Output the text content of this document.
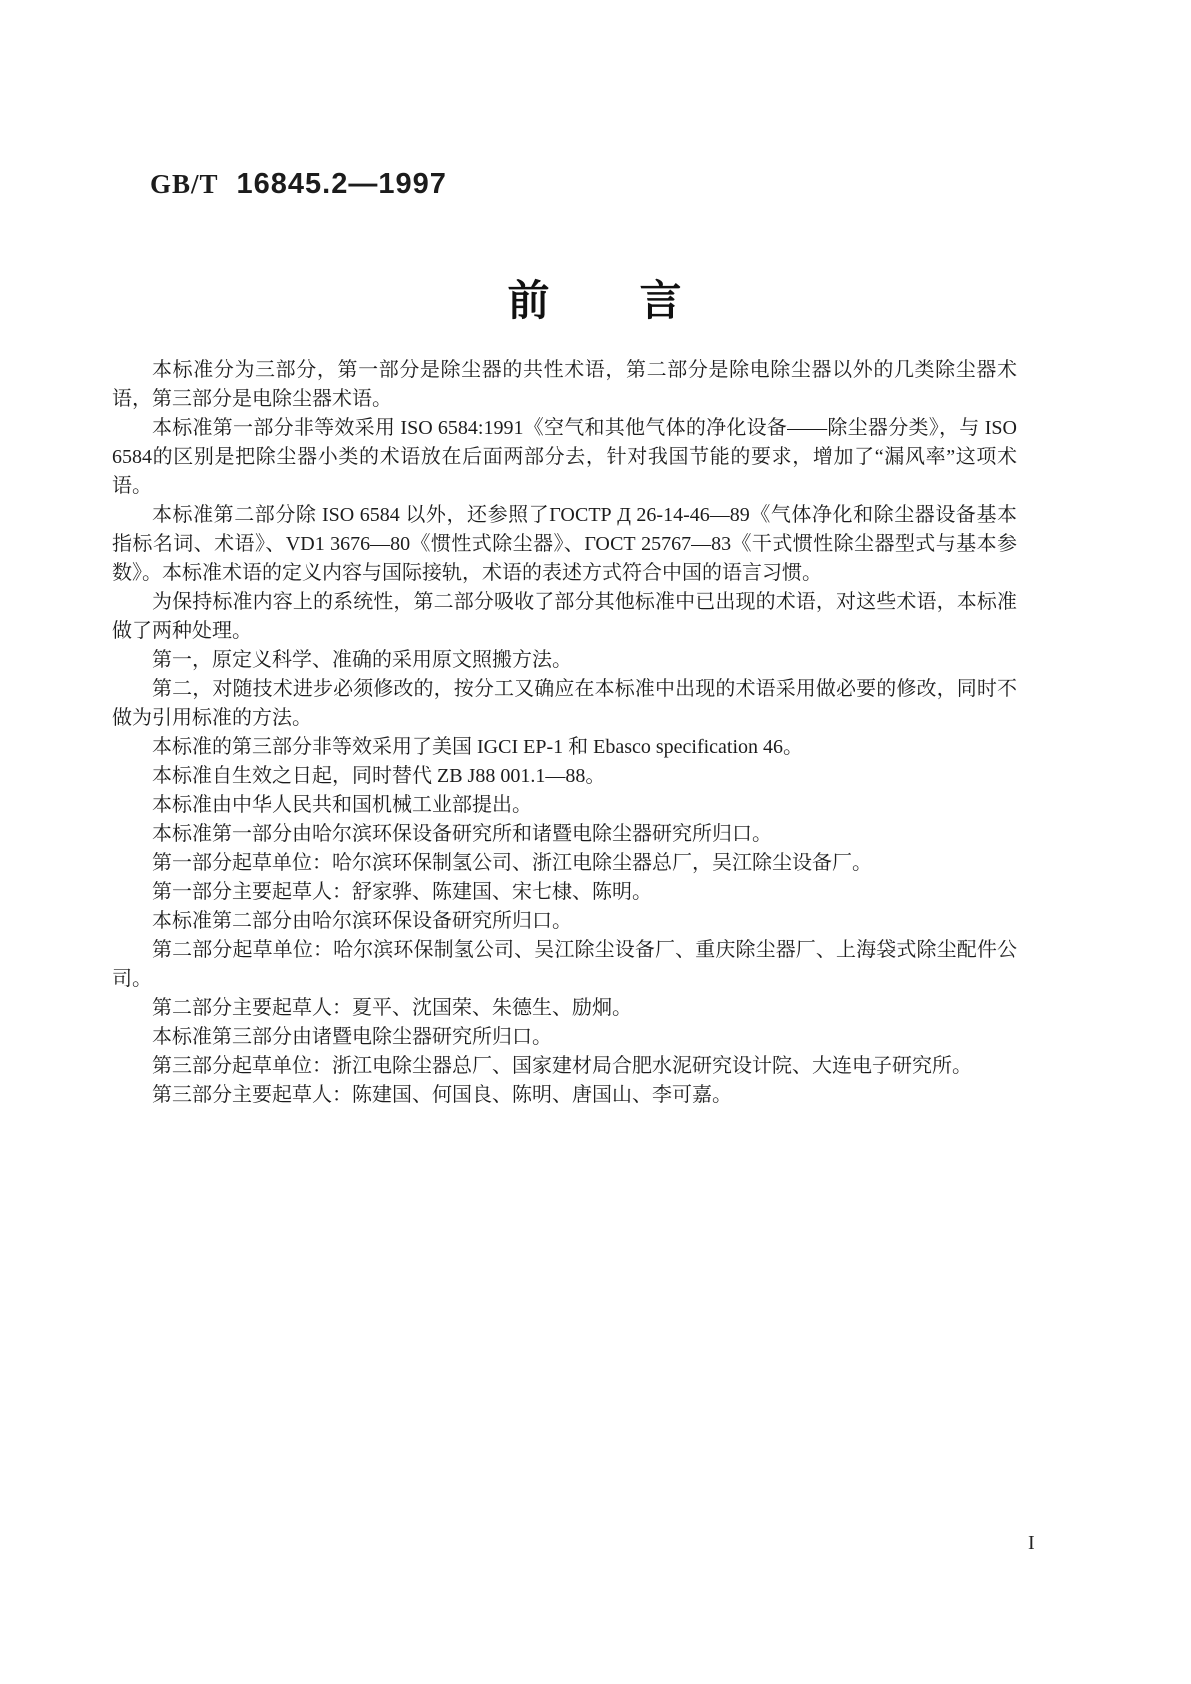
GB/T 16845.2—1997
前　　言

本标准分为三部分，第一部分是除尘器的共性术语，第二部分是除电除尘器以外的几类除尘器术语，第三部分是电除尘器术语。

本标准第一部分非等效采用 ISO 6584:1991《空气和其他气体的净化设备——除尘器分类》，与 ISO 6584的区别是把除尘器小类的术语放在后面两部分去，针对我国节能的要求，增加了“漏风率”这项术语。

本标准第二部分除 ISO 6584 以外，还参照了ГОСТР Д 26-14-46—89《气体净化和除尘器设备基本指标名词、术语》、VD1 3676—80《惯性式除尘器》、ГОСТ 25767—83《干式惯性除尘器型式与基本参数》。本标准术语的定义内容与国际接轨，术语的表述方式符合中国的语言习惯。

为保持标准内容上的系统性，第二部分吸收了部分其他标准中已出现的术语，对这些术语，本标准做了两种处理。

第一，原定义科学、准确的采用原文照搬方法。

第二，对随技术进步必须修改的，按分工又确应在本标准中出现的术语采用做必要的修改，同时不做为引用标准的方法。

本标准的第三部分非等效采用了美国 IGCI EP-1 和 Ebasco specification 46。

本标准自生效之日起，同时替代 ZB J88 001.1—88。

本标准由中华人民共和国机械工业部提出。

本标准第一部分由哈尔滨环保设备研究所和诸暨电除尘器研究所归口。

第一部分起草单位：哈尔滨环保制氢公司、浙江电除尘器总厂，吴江除尘设备厂。

第一部分主要起草人：舒家骅、陈建国、宋七棣、陈明。

本标准第二部分由哈尔滨环保设备研究所归口。

第二部分起草单位：哈尔滨环保制氢公司、吴江除尘设备厂、重庆除尘器厂、上海袋式除尘配件公司。

第二部分主要起草人：夏平、沈国荣、朱德生、励炯。

本标准第三部分由诸暨电除尘器研究所归口。

第三部分起草单位：浙江电除尘器总厂、国家建材局合肥水泥研究设计院、大连电子研究所。

第三部分主要起草人：陈建国、何国良、陈明、唐国山、李可嘉。

I
